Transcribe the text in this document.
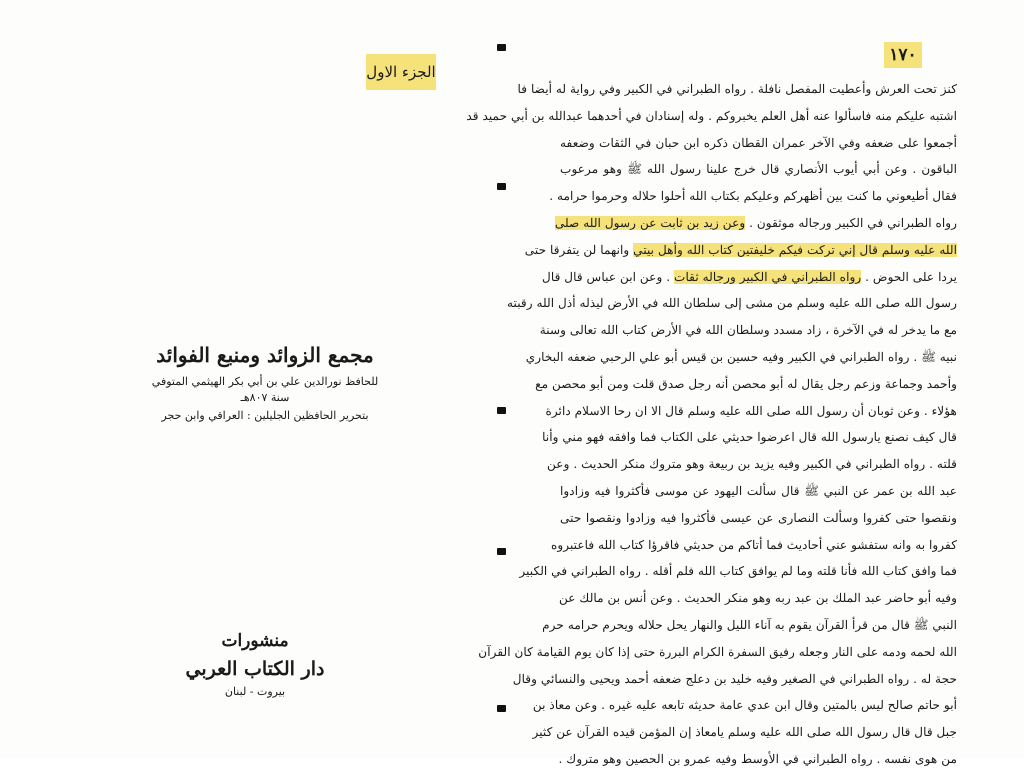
الجزء الاول

مجمع الزوائد ومنبع الفوائد

للحافظ نورالدين علي بن أبي بكر الهيثمي المتوفي سنة ٨٠٧هـ

بتحرير الحافظين الجليلين : العراقي وابن حجر

منشورات

دار الكتاب العربي

بيروت - لبنان

١٧٠
كنز تحت العرش وأعطيت المفصل نافلة . رواه الطبراني في الكبير وفي رواية له أيضا فا
اشتبه عليكم منه فاسألوا عنه أهل العلم يخبروكم . وله إسنادان في أحدهما عبدالله بن أبي حميد قد
أجمعوا على ضعفه وفي الآخر عمران القطان ذكره ابن حبان في الثقات وضعفه
الباقون . وعن أبي أيوب الأنصاري قال خرج علينا رسول الله ﷺ وهو مرعوب
فقال أطيعوني ما كنت بين أظهركم وعليكم بكتاب الله أحلوا حلاله وحرموا حرامه .
رواه الطبراني في الكبير ورجاله موثقون . وعن زيد بن ثابت عن رسول الله صلى
الله عليه وسلم قال إني تركت فيكم خليفتين كتاب الله وأهل بيتي وانهما لن يتفرقا حتى
يردا على الحوض . رواه الطبراني في الكبير ورجاله ثقات . وعن ابن عباس قال قال
رسول الله صلى الله عليه وسلم من مشى إلى سلطان الله في الأرض ليذله أذل الله رقبته
مع ما يدخر له في الآخرة ، زاد مسدد وسلطان الله في الأرض كتاب الله تعالى وسنة
نبيه ﷺ . رواه الطبراني في الكبير وفيه حسين بن قيس أبو علي الرحبي ضعفه البخاري
وأحمد وجماعة وزعم رجل يقال له أبو محصن أنه رجل صدق قلت ومن أبو محصن مع
هؤلاء . وعن ثوبان أن رسول الله صلى الله عليه وسلم قال الا ان رحا الاسلام دائرة
قال كيف نصنع يارسول الله قال اعرضوا حديثي على الكتاب فما وافقه فهو مني وأنا
قلته . رواه الطبراني في الكبير وفيه يزيد بن ربيعة وهو متروك منكر الحديث . وعن
عبد الله بن عمر عن النبي ﷺ قال سألت اليهود عن موسى فأكثروا فيه وزادوا
ونقصوا حتى كفروا وسألت النصارى عن عيسى فأكثروا فيه وزادوا ونقصوا حتى
كفروا به وانه ستفشو عني أحاديث فما أتاكم من حديثي فاقرؤا كتاب الله فاعتبروه
فما وافق كتاب الله فأنا قلته وما لم يوافق كتاب الله فلم أقله . رواه الطبراني في الكبير
وفيه أبو حاضر عبد الملك بن عبد ربه وهو منكر الحديث . وعن أنس بن مالك عن
النبي ﷺ قال من قرأ القرآن يقوم به آناء الليل والنهار يحل حلاله ويحرم حرامه حرم
الله لحمه ودمه على النار وجعله رفيق السفرة الكرام البررة حتى إذا كان يوم القيامة كان القرآن
حجة له . رواه الطبراني في الصغير وفيه خليد بن دعلج ضعفه أحمد ويحيى والنسائي وقال
أبو حاتم صالح ليس بالمتين وقال ابن عدي عامة حديثه تابعه عليه غيره . وعن معاذ بن
جبل قال قال رسول الله صلى الله عليه وسلم يامعاذ إن المؤمن قيده القرآن عن كثير
من هوى نفسه . رواه الطبراني في الأوسط وفيه عمرو بن الحصين وهو متروك .
